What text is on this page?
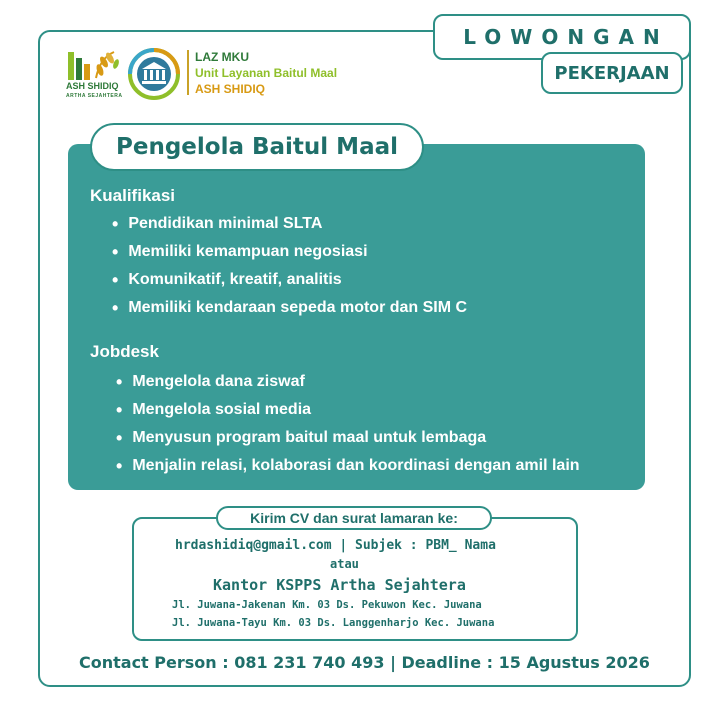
LOWONGAN
PEKERJAAN
ASH SHIDIQ
ARTHA SEJAHTERA
LAZ MKU
Unit Layanan Baitul Maal
ASH SHIDIQ
Pengelola Baitul Maal
Kualifikasi
• Pendidikan minimal SLTA
• Memiliki kemampuan negosiasi
• Komunikatif, kreatif, analitis
• Memiliki kendaraan sepeda motor dan SIM C
Jobdesk
• Mengelola dana ziswaf
• Mengelola sosial media
• Menyusun program baitul maal untuk lembaga
• Menjalin relasi, kolaborasi dan koordinasi dengan amil lain
Kirim CV dan surat lamaran ke:
hrdashidiq@gmail.com | Subjek : PBM_ Nama
atau
Kantor KSPPS Artha Sejahtera
Jl. Juwana-Jakenan Km. 03 Ds. Pekuwon Kec. Juwana
Jl. Juwana-Tayu Km. 03 Ds. Langgenharjo Kec. Juwana
Contact Person : 081 231 740 493 | Deadline : 15 Agustus 2026
